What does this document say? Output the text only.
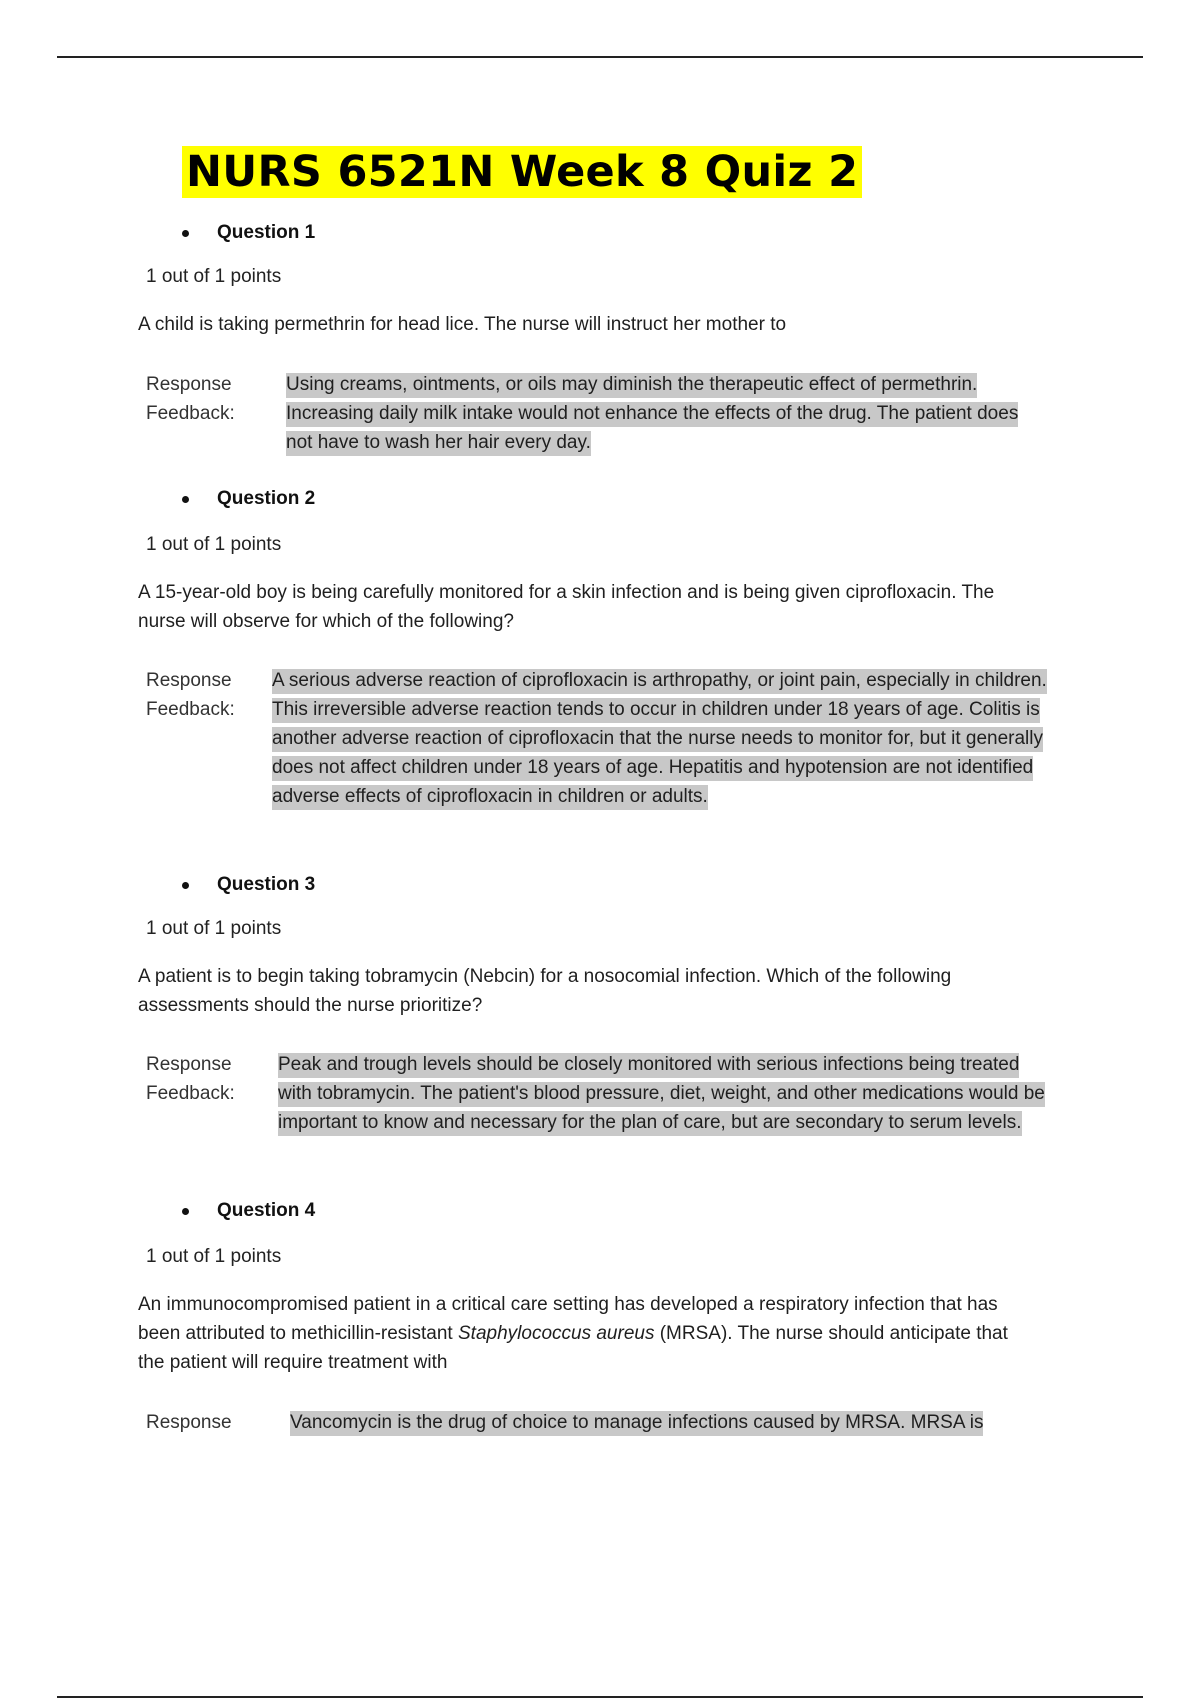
NURS 6521N Week 8 Quiz 2
Question 1
1 out of 1 points
A child is taking permethrin for head lice. The nurse will instruct her mother to
Response
Feedback:
Using creams, ointments, or oils may diminish the therapeutic effect of permethrin. Increasing daily milk intake would not enhance the effects of the drug. The patient does not have to wash her hair every day.
Question 2
1 out of 1 points
A 15-year-old boy is being carefully monitored for a skin infection and is being given ciprofloxacin. The nurse will observe for which of the following?
Response
Feedback:
A serious adverse reaction of ciprofloxacin is arthropathy, or joint pain, especially in children. This irreversible adverse reaction tends to occur in children under 18 years of age. Colitis is another adverse reaction of ciprofloxacin that the nurse needs to monitor for, but it generally does not affect children under 18 years of age. Hepatitis and hypotension are not identified adverse effects of ciprofloxacin in children or adults.
Question 3
1 out of 1 points
A patient is to begin taking tobramycin (Nebcin) for a nosocomial infection. Which of the following assessments should the nurse prioritize?
Response
Feedback:
Peak and trough levels should be closely monitored with serious infections being treated with tobramycin. The patient's blood pressure, diet, weight, and other medications would be important to know and necessary for the plan of care, but are secondary to serum levels.
Question 4
1 out of 1 points
An immunocompromised patient in a critical care setting has developed a respiratory infection that has been attributed to methicillin-resistant Staphylococcus aureus (MRSA). The nurse should anticipate that the patient will require treatment with
Response	Vancomycin is the drug of choice to manage infections caused by MRSA. MRSA is
